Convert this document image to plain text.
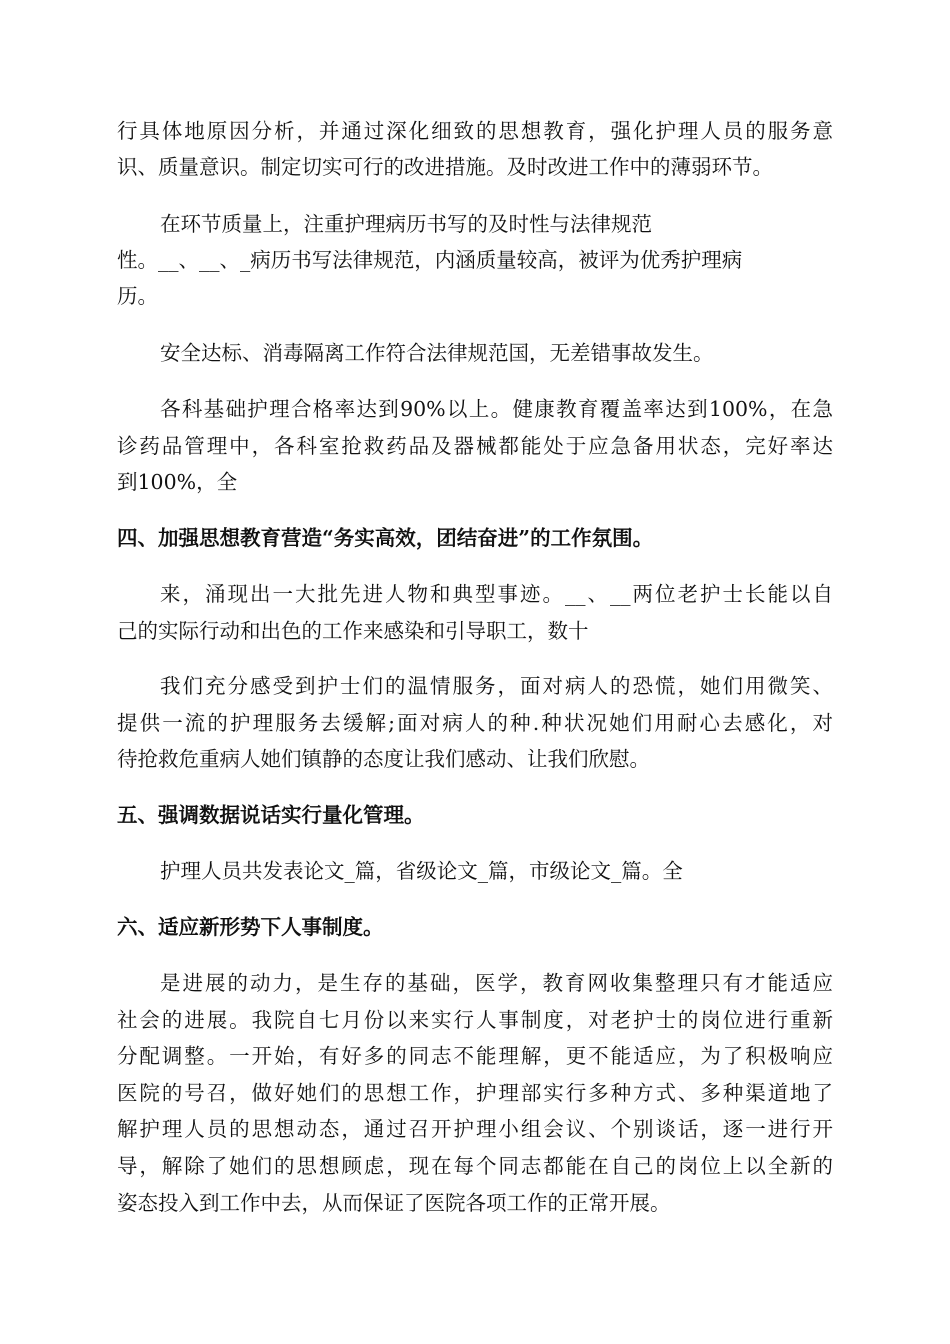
行具体地原因分析，并通过深化细致的思想教育，强化护理人员的服务意

识、质量意识。制定切实可行的改进措施。及时改进工作中的薄弱环节。

在环节质量上，注重护理病历书写的及时性与法律规范

性。__、__、_病历书写法律规范，内涵质量较高，被评为优秀护理病

历。

安全达标、消毒隔离工作符合法律规范国，无差错事故发生。

各科基础护理合格率达到90%以上。健康教育覆盖率达到100%，在急

诊药品管理中，各科室抢救药品及器械都能处于应急备用状态，完好率达

到100%，全

四、加强思想教育营造“务实高效，团结奋进”的工作氛围。

来，涌现出一大批先进人物和典型事迹。__、__两位老护士长能以自

己的实际行动和出色的工作来感染和引导职工，数十

我们充分感受到护士们的温情服务，面对病人的恐慌，她们用微笑、

提供一流的护理服务去缓解;面对病人的种.种状况她们用耐心去感化，对

待抢救危重病人她们镇静的态度让我们感动、让我们欣慰。

五、强调数据说话实行量化管理。

护理人员共发表论文_篇，省级论文_篇，市级论文_篇。全

六、适应新形势下人事制度。

是进展的动力，是生存的基础，医学，教育网收集整理只有才能适应

社会的进展。我院自七月份以来实行人事制度，对老护士的岗位进行重新

分配调整。一开始，有好多的同志不能理解，更不能适应，为了积极响应

医院的号召，做好她们的思想工作，护理部实行多种方式、多种渠道地了

解护理人员的思想动态，通过召开护理小组会议、个别谈话，逐一进行开

导，解除了她们的思想顾虑，现在每个同志都能在自己的岗位上以全新的

姿态投入到工作中去，从而保证了医院各项工作的正常开展。
